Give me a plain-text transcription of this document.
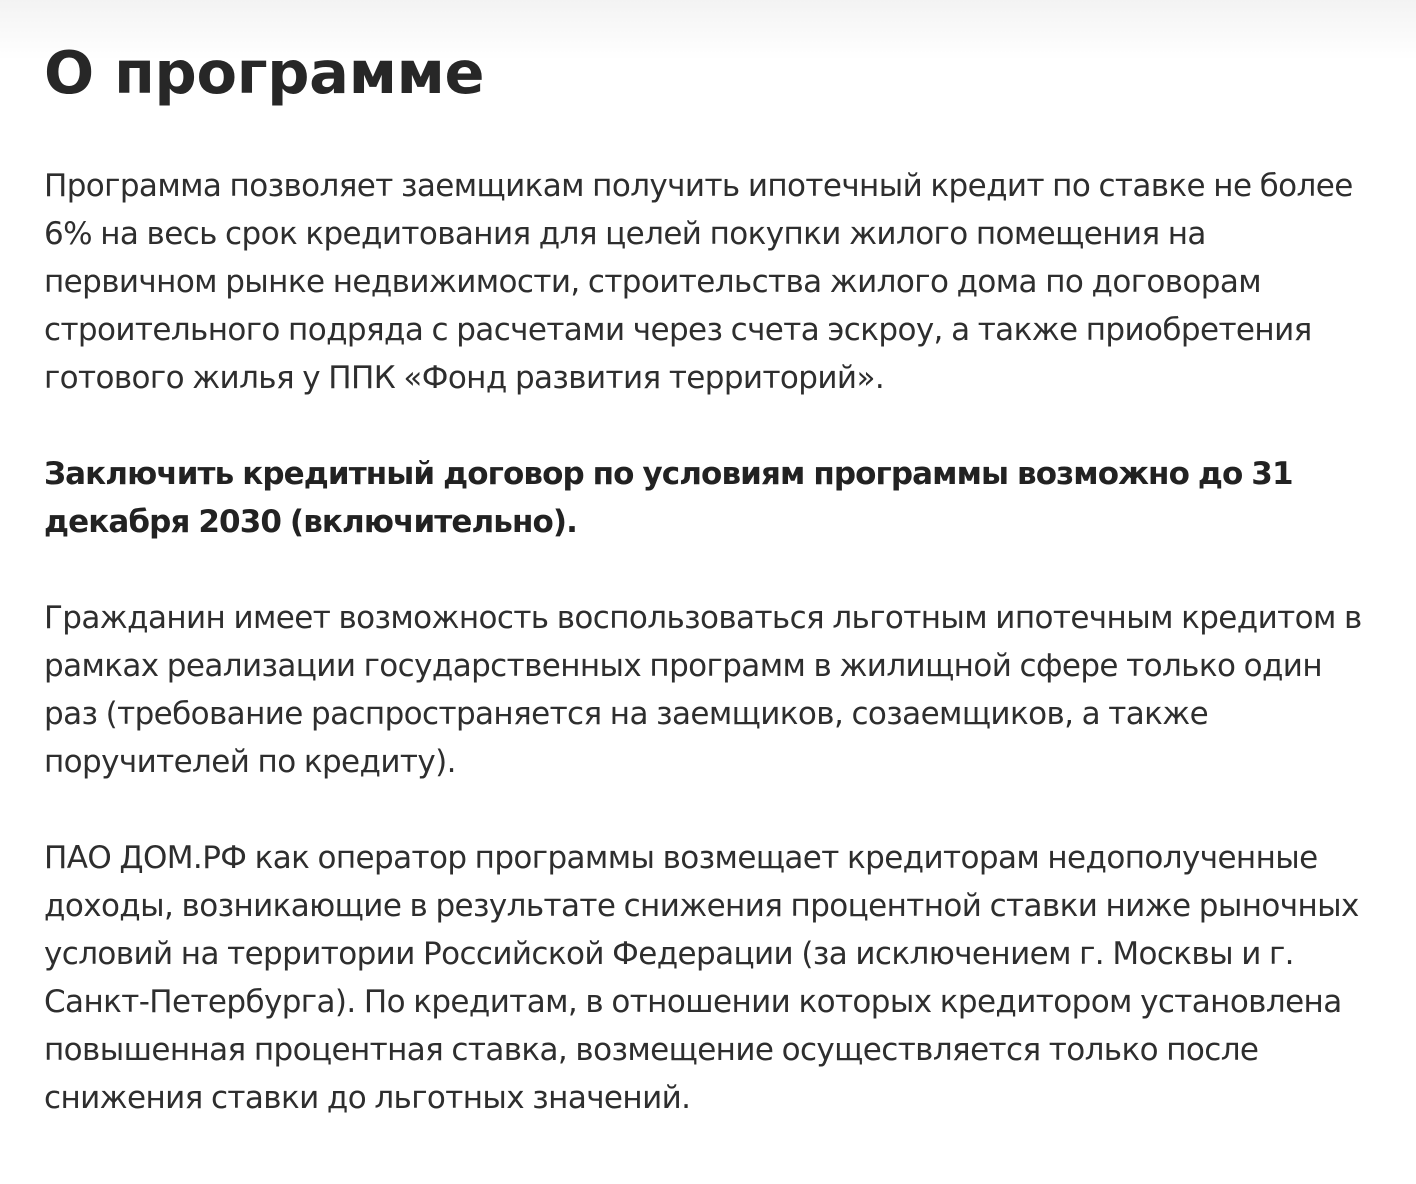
О программе

Программа позволяет заемщикам получить ипотечный кредит по ставке не более 6% на весь срок кредитования для целей покупки жилого помещения на первичном рынке недвижимости, строительства жилого дома по договорам строительного подряда с расчетами через счета эскроу, а также приобретения готового жилья у ППК «Фонд развития территорий».

Заключить кредитный договор по условиям программы возможно до 31 декабря 2030 (включительно).

Гражданин имеет возможность воспользоваться льготным ипотечным кредитом в рамках реализации государственных программ в жилищной сфере только один раз (требование распространяется на заемщиков, созаемщиков, а также поручителей по кредиту).

ПАО ДОМ.РФ как оператор программы возмещает кредиторам недополученные доходы, возникающие в результате снижения процентной ставки ниже рыночных условий на территории Российской Федерации (за исключением г. Москвы и г. Санкт-Петербурга). По кредитам, в отношении которых кредитором установлена повышенная процентная ставка, возмещение осуществляется только после снижения ставки до льготных значений.
